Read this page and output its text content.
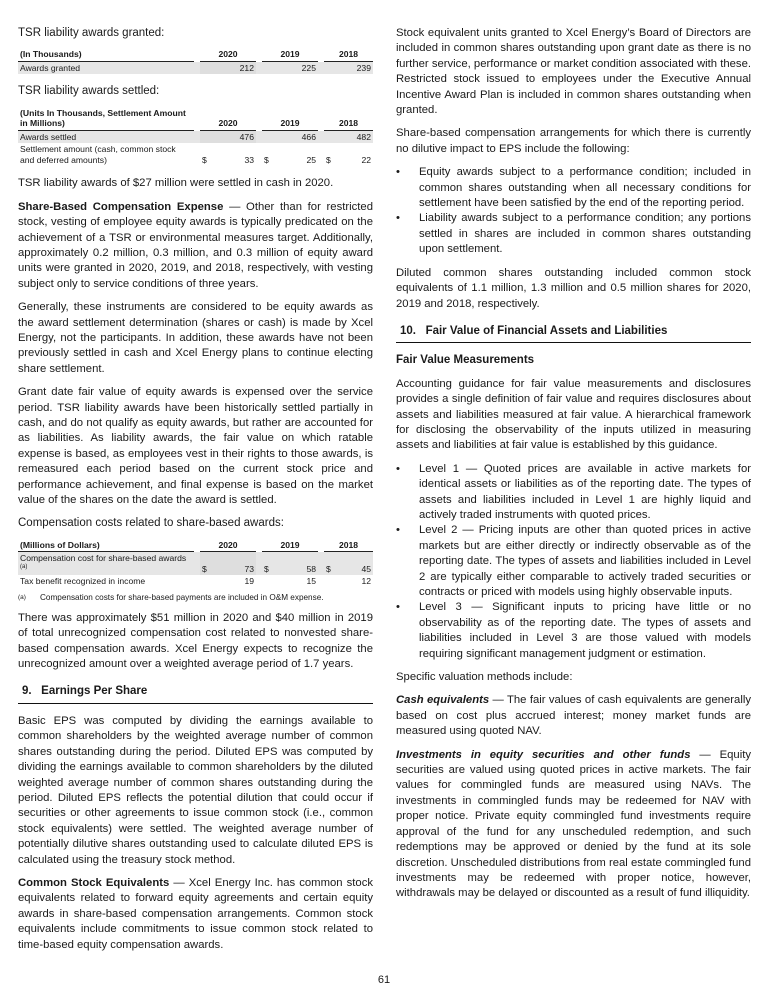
TSR liability awards granted:
(In Thousands)		2020			2019			2018	
Awards granted			212			225			239
TSR liability awards settled:
(Units In Thousands, Settlement Amount in Millions)		2020			2019			2018	
Awards settled			476			466			482
Settlement amount (cash, common stock and deferred amounts)		$	33		$	25		$	22

TSR liability awards of $27 million were settled in cash in 2020.

Share-Based Compensation Expense — Other than for restricted stock, vesting of employee equity awards is typically predicated on the achievement of a TSR or environmental measures target. Additionally, approximately 0.2 million, 0.3 million, and 0.3 million of equity award units were granted in 2020, 2019, and 2018, respectively, with vesting subject only to service conditions of three years.

Generally, these instruments are considered to be equity awards as the award settlement determination (shares or cash) is made by Xcel Energy, not the participants. In addition, these awards have not been previously settled in cash and Xcel Energy plans to continue electing share settlement.

Grant date fair value of equity awards is expensed over the service period. TSR liability awards have been historically settled partially in cash, and do not qualify as equity awards, but rather are accounted for as liabilities. As liability awards, the fair value on which ratable expense is based, as employees vest in their rights to those awards, is remeasured each period based on the current stock price and performance achievement, and final expense is based on the market value of the shares on the date the award is settled.

Compensation costs related to share-based awards:
(Millions of Dollars)		2020			2019			2018	
Compensation cost for share-based awards $^{(a)}$		$	73		$	58		$	45
Tax benefit recognized in income			19			15			12
(a)	Compensation costs for share-based payments are included in O&M expense.

There was approximately $51 million in 2020 and $40 million in 2019 of total unrecognized compensation cost related to nonvested share-based compensation awards. Xcel Energy expects to recognize the unrecognized amount over a weighted average period of 1.7 years.

9.   Earnings Per Share

Basic EPS was computed by dividing the earnings available to common shareholders by the weighted average number of common shares outstanding during the period. Diluted EPS was computed by dividing the earnings available to common shareholders by the diluted weighted average number of common shares outstanding during the period. Diluted EPS reflects the potential dilution that could occur if securities or other agreements to issue common stock (i.e., common stock equivalents) were settled. The weighted average number of potentially dilutive shares outstanding used to calculate diluted EPS is calculated using the treasury stock method.

Common Stock Equivalents — Xcel Energy Inc. has common stock equivalents related to forward equity agreements and certain equity awards in share-based compensation arrangements. Common stock equivalents include commitments to issue common stock related to time-based equity compensation awards.

Stock equivalent units granted to Xcel Energy’s Board of Directors are included in common shares outstanding upon grant date as there is no further service, performance or market condition associated with these. Restricted stock issued to employees under the Executive Annual Incentive Award Plan is included in common shares outstanding when granted.

Share-based compensation arrangements for which there is currently no dilutive impact to EPS include the following:

•	Equity awards subject to a performance condition; included in common shares outstanding when all necessary conditions for settlement have been satisfied by the end of the reporting period.
•	Liability awards subject to a performance condition; any portions settled in shares are included in common shares outstanding upon settlement.

Diluted common shares outstanding included common stock equivalents of 1.1 million, 1.3 million and 0.5 million shares for 2020, 2019 and 2018, respectively.

10.   Fair Value of Financial Assets and Liabilities
Fair Value Measurements

Accounting guidance for fair value measurements and disclosures provides a single definition of fair value and requires disclosures about assets and liabilities measured at fair value. A hierarchical framework for disclosing the observability of the inputs utilized in measuring assets and liabilities at fair value is established by this guidance.

•	Level 1 — Quoted prices are available in active markets for identical assets or liabilities as of the reporting date. The types of assets and liabilities included in Level 1 are highly liquid and actively traded instruments with quoted prices.
•	Level 2 — Pricing inputs are other than quoted prices in active markets but are either directly or indirectly observable as of the reporting date. The types of assets and liabilities included in Level 2 are typically either comparable to actively traded securities or contracts or priced with models using highly observable inputs.
•	Level 3 — Significant inputs to pricing have little or no observability as of the reporting date. The types of assets and liabilities included in Level 3 are those valued with models requiring significant management judgment or estimation.

Specific valuation methods include:

Cash equivalents — The fair values of cash equivalents are generally based on cost plus accrued interest; money market funds are measured using quoted NAV.

Investments in equity securities and other funds — Equity securities are valued using quoted prices in active markets. The fair values for commingled funds are measured using NAVs. The investments in commingled funds may be redeemed for NAV with proper notice. Private equity commingled fund investments require approval of the fund for any unscheduled redemption, and such redemptions may be approved or denied by the fund at its sole discretion. Unscheduled distributions from real estate commingled fund investments may be redeemed with proper notice, however, withdrawals may be delayed or discounted as a result of fund illiquidity.

61
